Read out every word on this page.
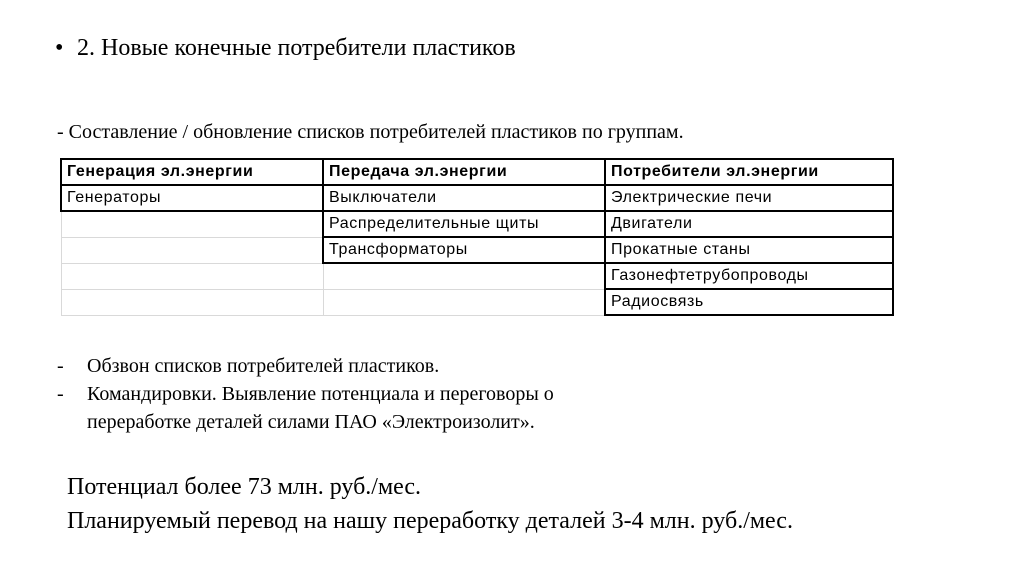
• 2. Новые конечные потребители пластиков
- Составление / обновление списков потребителей пластиков по группам.
Генерация эл.энергии	Передача эл.энергии	Потребители эл.энергии
Генераторы	Выключатели	Электрические печи
	Распределительные щиты	Двигатели
	Трансформаторы	Прокатные станы
		Газонефтетрубопроводы
		Радиосвязь
- Обзвон списков потребителей пластиков.
- Командировки. Выявление потенциала и переговоры о
переработке деталей силами ПАО «Электроизолит».
Потенциал более 73 млн. руб./мес.
Планируемый перевод на нашу переработку деталей 3-4 млн. руб./мес.
